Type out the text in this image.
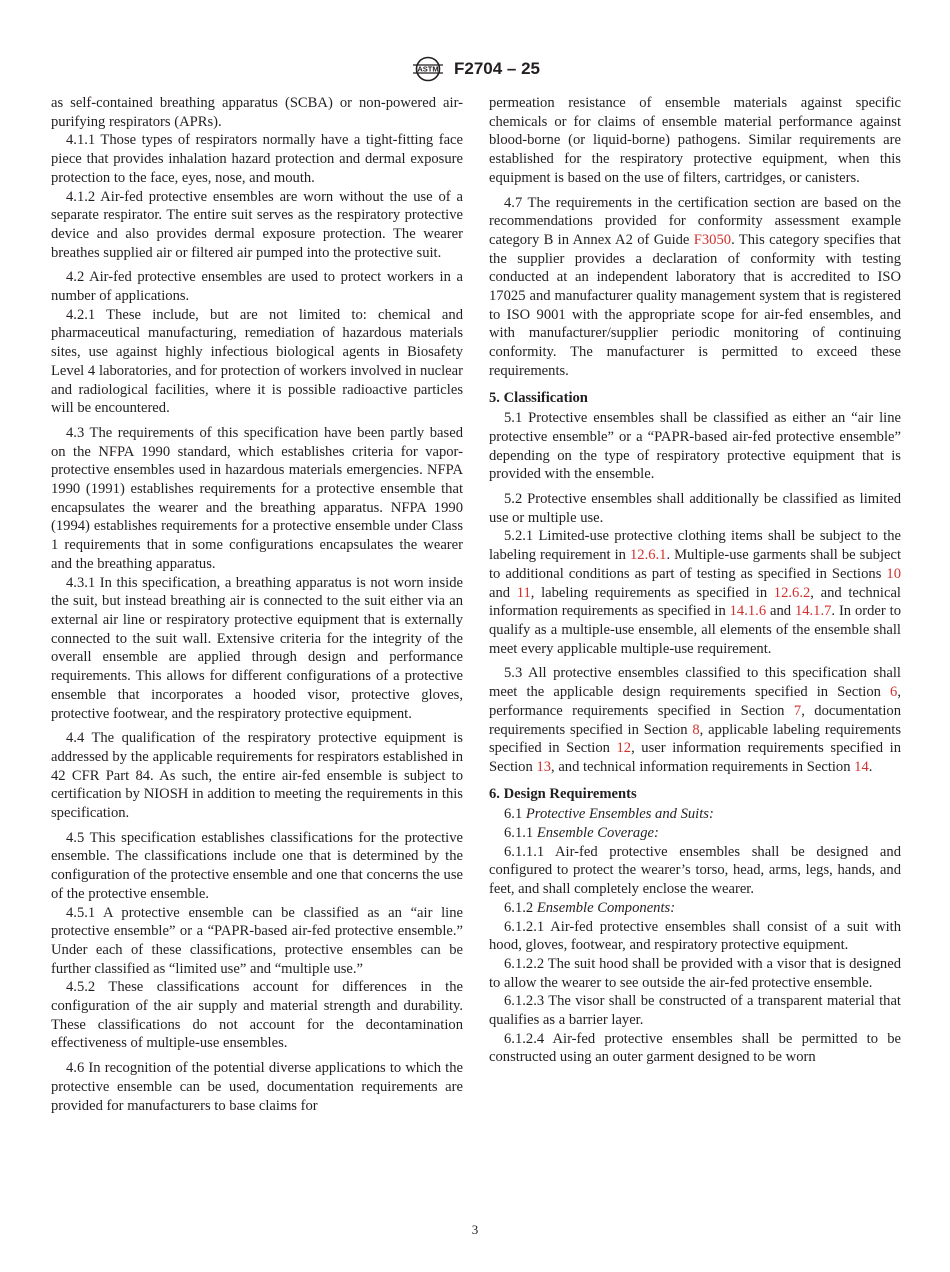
ASTM F2704 – 25

as self-contained breathing apparatus (SCBA) or non-powered air-purifying respirators (APRs).

4.1.1 Those types of respirators normally have a tight-fitting face piece that provides inhalation hazard protection and dermal exposure protection to the face, eyes, nose, and mouth.

4.1.2 Air-fed protective ensembles are worn without the use of a separate respirator. The entire suit serves as the respiratory protective device and also provides dermal exposure protection. The wearer breathes supplied air or filtered air pumped into the protective suit.

4.2 Air-fed protective ensembles are used to protect workers in a number of applications.

4.2.1 These include, but are not limited to: chemical and pharmaceutical manufacturing, remediation of hazardous materials sites, use against highly infectious biological agents in Biosafety Level 4 laboratories, and for protection of workers involved in nuclear and radiological facilities, where it is possible radioactive particles will be encountered.

4.3 The requirements of this specification have been partly based on the NFPA 1990 standard, which establishes criteria for vapor-protective ensembles used in hazardous materials emergencies. NFPA 1990 (1991) establishes requirements for a protective ensemble that encapsulates the wearer and the breathing apparatus. NFPA 1990 (1994) establishes requirements for a protective ensemble under Class 1 requirements that in some configurations encapsulates the wearer and the breathing apparatus.

4.3.1 In this specification, a breathing apparatus is not worn inside the suit, but instead breathing air is connected to the suit either via an external air line or respiratory protective equipment that is externally connected to the suit wall. Extensive criteria for the integrity of the overall ensemble are applied through design and performance requirements. This allows for different configurations of a protective ensemble that incorporates a hooded visor, protective gloves, protective footwear, and the respiratory protective equipment.

4.4 The qualification of the respiratory protective equipment is addressed by the applicable requirements for respirators established in 42 CFR Part 84. As such, the entire air-fed ensemble is subject to certification by NIOSH in addition to meeting the requirements in this specification.

4.5 This specification establishes classifications for the protective ensemble. The classifications include one that is determined by the configuration of the protective ensemble and one that concerns the use of the protective ensemble.

4.5.1 A protective ensemble can be classified as an “air line protective ensemble” or a “PAPR-based air-fed protective ensemble.” Under each of these classifications, protective ensembles can be further classified as “limited use” and “multiple use.”

4.5.2 These classifications account for differences in the configuration of the air supply and material strength and durability. These classifications do not account for the decontamination effectiveness of multiple-use ensembles.

4.6 In recognition of the potential diverse applications to which the protective ensemble can be used, documentation requirements are provided for manufacturers to base claims for

permeation resistance of ensemble materials against specific chemicals or for claims of ensemble material performance against blood-borne (or liquid-borne) pathogens. Similar requirements are established for the respiratory protective equipment, when this equipment is based on the use of filters, cartridges, or canisters.

4.7 The requirements in the certification section are based on the recommendations provided for conformity assessment example category B in Annex A2 of Guide F3050. This category specifies that the supplier provides a declaration of conformity with testing conducted at an independent laboratory that is accredited to ISO 17025 and manufacturer quality management system that is registered to ISO 9001 with the appropriate scope for air-fed ensembles, and with manufacturer/supplier periodic monitoring of continuing conformity. The manufacturer is permitted to exceed these requirements.

5. Classification

5.1 Protective ensembles shall be classified as either an “air line protective ensemble” or a “PAPR-based air-fed protective ensemble” depending on the type of respiratory protective equipment that is provided with the ensemble.

5.2 Protective ensembles shall additionally be classified as limited use or multiple use.

5.2.1 Limited-use protective clothing items shall be subject to the labeling requirement in 12.6.1. Multiple-use garments shall be subject to additional conditions as part of testing as specified in Sections 10 and 11, labeling requirements as specified in 12.6.2, and technical information requirements as specified in 14.1.6 and 14.1.7. In order to qualify as a multiple-use ensemble, all elements of the ensemble shall meet every applicable multiple-use requirement.

5.3 All protective ensembles classified to this specification shall meet the applicable design requirements specified in Section 6, performance requirements specified in Section 7, documentation requirements specified in Section 8, applicable labeling requirements specified in Section 12, user information requirements specified in Section 13, and technical information requirements in Section 14.

6. Design Requirements

6.1 Protective Ensembles and Suits:

6.1.1 Ensemble Coverage:

6.1.1.1 Air-fed protective ensembles shall be designed and configured to protect the wearer’s torso, head, arms, legs, hands, and feet, and shall completely enclose the wearer.

6.1.2 Ensemble Components:

6.1.2.1 Air-fed protective ensembles shall consist of a suit with hood, gloves, footwear, and respiratory protective equipment.

6.1.2.2 The suit hood shall be provided with a visor that is designed to allow the wearer to see outside the air-fed protective ensemble.

6.1.2.3 The visor shall be constructed of a transparent material that qualifies as a barrier layer.

6.1.2.4 Air-fed protective ensembles shall be permitted to be constructed using an outer garment designed to be worn

3
